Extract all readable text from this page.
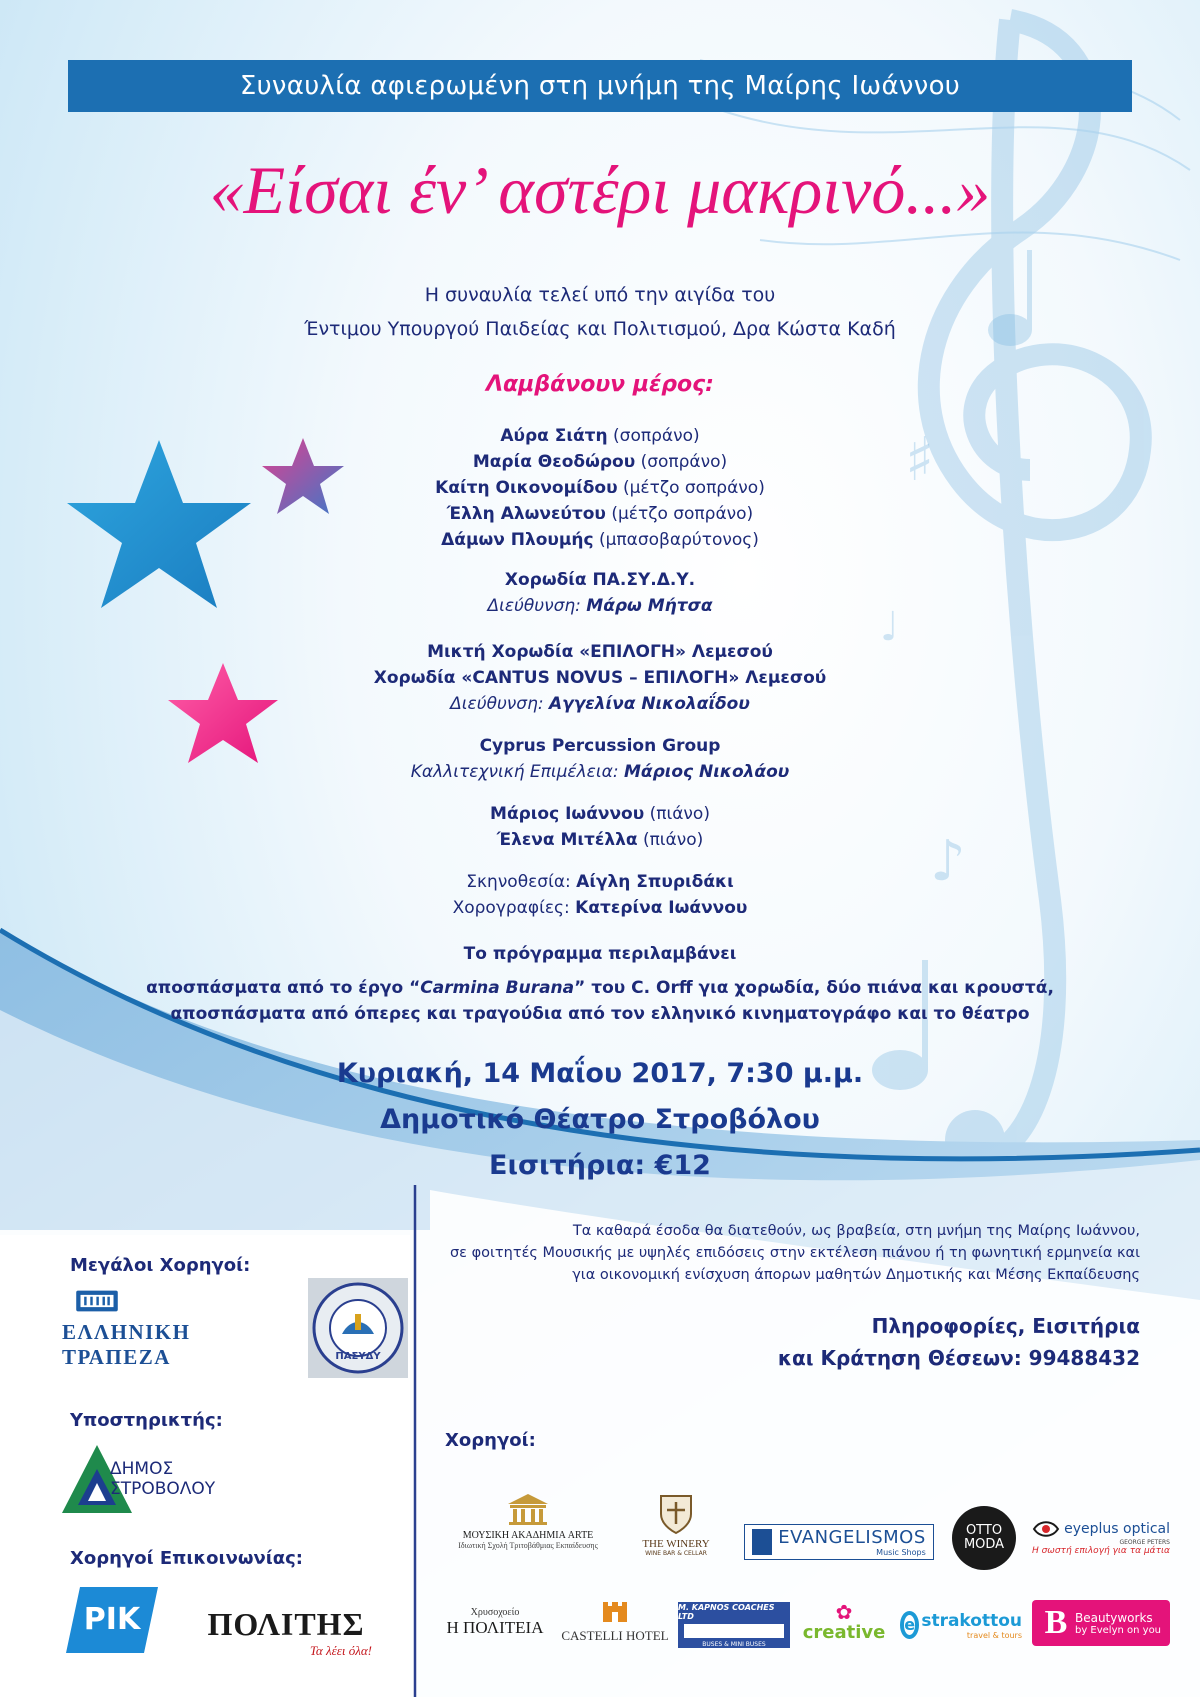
♯
♪
♩
Συναυλία αφιερωμένη στη μνήμη της Μαίρης Ιωάννου
«Είσαι έν’ αστέρι μακρινό...»
Η συναυλία τελεί υπό την αιγίδα του
Έντιμου Υπουργού Παιδείας και Πολιτισμού, Δρα Κώστα Καδή
Λαμβάνουν μέρος:
Αύρα Σιάτη (σοπράνο)
Μαρία Θεοδώρου (σοπράνο)
Καίτη Οικονομίδου (μέτζο σοπράνο)
Έλλη Αλωνεύτου (μέτζο σοπράνο)
Δάμων Πλουμής (μπασοβαρύτονος)
Χορωδία ΠΑ.ΣΥ.Δ.Υ.
Διεύθυνση: Μάρω Μήτσα
Μικτή Χορωδία «ΕΠΙΛΟΓΗ» Λεμεσού
Χορωδία «CANTUS NOVUS – ΕΠΙΛΟΓΗ» Λεμεσού
Διεύθυνση: Αγγελίνα Νικολαΐδου
Cyprus Percussion Group
Καλλιτεχνική Επιμέλεια: Μάριος Νικολάου
Μάριος Ιωάννου (πιάνο)
Έλενα Μιτέλλα (πιάνο)
Σκηνοθεσία: Αίγλη Σπυριδάκι
Χορογραφίες: Κατερίνα Ιωάννου
Το πρόγραμμα περιλαμβάνει
αποσπάσματα από το έργο “Carmina Burana” του C. Orff για χορωδία, δύο πιάνα και κρουστά,
αποσπάσματα από όπερες και τραγούδια από τον ελληνικό κινηματογράφο και το θέατρο
Κυριακή, 14 Μαΐου 2017, 7:30 μ.μ.
Δημοτικό Θέατρο Στροβόλου
Εισιτήρια: €12
Τα καθαρά έσοδα θα διατεθούν, ως βραβεία, στη μνήμη της Μαίρης Ιωάννου,
σε φοιτητές Μουσικής με υψηλές επιδόσεις στην εκτέλεση πιάνου ή τη φωνητική ερμηνεία και
για οικονομική ενίσχυση άπορων μαθητών Δημοτικής και Μέσης Εκπαίδευσης
Πληροφορίες, Εισιτήρια
και Κράτηση Θέσεων: 99488432
Μεγάλοι Χορηγοί:
ΕΛΛΗΝΙΚΗ ΤΡΑΠΕΖΑ	ΠΑΣΥΔΥ
Υποστηρικτής:
ΔΗΜΟΣ
ΣΤΡΟΒΟΛΟΥ
Χορηγοί Επικοινωνίας:
ΡΙΚ	ΠΟΛΙΤΗΣ
Τα λέει όλα!
Χορηγοί:
ΜΟΥΣΙΚΗ ΑΚΑΔΗΜΙΑ ARTE
Ιδιωτική Σχολή Τριτοβάθμιας Εκπαίδευσης	THE WINERY
WINE BAR & CELLAR
EVANGELISMOS
Music Shops
OTTO
MODA
eyeplus optical
GEORGE PETERS
Η σωστή επιλογή για τα μάτια
Χρυσοχοείο
Η ΠΟΛΙΤΕΙΑ CASTELLI HOTEL
M. KAPNOS COACHES LTD
BUSES & MINI BUSES
✿
creative e strakottou
travel & tours B Beautyworks
by Evelyn on you
